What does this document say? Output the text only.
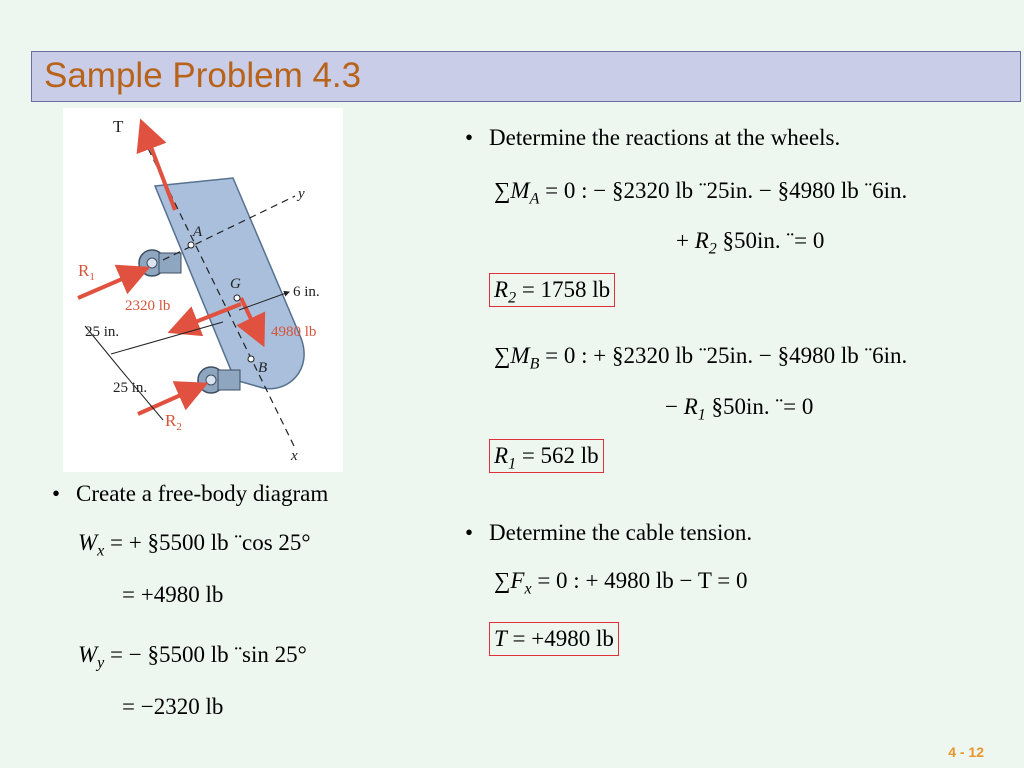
Sample Problem 4.3
T
y
A
$R_1$	G	6 in.
2320 lb
4980 lb
25 in.
B
25 in.
$R_2$
x
• Create a free-body diagram
$W_x$ = + §5500 lb ¨cos 25°
= +4980 lb
$W_y$ = − §5500 lb ¨sin 25°
= −2320 lb
• Determine the reactions at the wheels.
$\sum M_A = 0$ : − §2320 lb ¨25in. − §4980 lb ¨6in.
+ $R_2$ §50in. ¨= 0
$R_2 = 1758$ lb
$\sum M_B = 0$ : + §2320 lb ¨25in. − §4980 lb ¨6in.
− $R_1$ §50in. ¨= 0
$R_1 = 562$ lb
• Determine the cable tension.
$\sum F_x = 0$ : + 4980 lb − T = 0
T = +4980 lb
4 - 12
